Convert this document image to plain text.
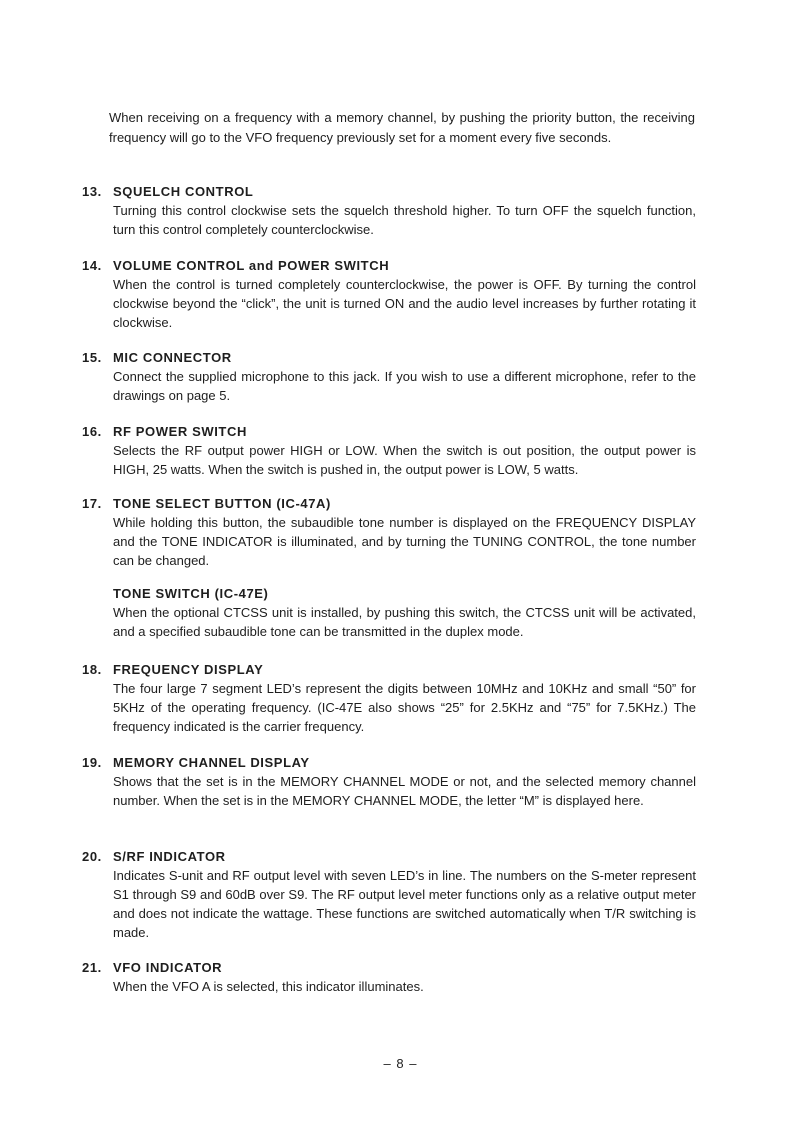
When receiving on a frequency with a memory channel, by pushing the priority button, the receiving frequency will go to the VFO frequency previously set for a moment every five seconds.

13. SQUELCH CONTROL

Turning this control clockwise sets the squelch threshold higher. To turn OFF the squelch function, turn this control completely counterclockwise.

14. VOLUME CONTROL and POWER SWITCH

When the control is turned completely counterclockwise, the power is OFF. By turning the control clockwise beyond the “click”, the unit is turned ON and the audio level increases by further rotating it clockwise.

15. MIC CONNECTOR

Connect the supplied microphone to this jack. If you wish to use a different microphone, refer to the drawings on page 5.

16. RF POWER SWITCH

Selects the RF output power HIGH or LOW. When the switch is out position, the output power is HIGH, 25 watts. When the switch is pushed in, the output power is LOW, 5 watts.

17. TONE SELECT BUTTON (IC-47A)

While holding this button, the subaudible tone number is displayed on the FREQUENCY DISPLAY and the TONE INDICATOR is illuminated, and by turning the TUNING CONTROL, the tone number can be changed.

TONE SWITCH (IC-47E)

When the optional CTCSS unit is installed, by pushing this switch, the CTCSS unit will be activated, and a specified subaudible tone can be transmitted in the duplex mode.

18. FREQUENCY DISPLAY

The four large 7 segment LED’s represent the digits between 10MHz and 10KHz and small “50” for 5KHz of the operating frequency. (IC-47E also shows “25” for 2.5KHz and “75” for 7.5KHz.) The frequency indicated is the carrier frequency.

19. MEMORY CHANNEL DISPLAY

Shows that the set is in the MEMORY CHANNEL MODE or not, and the selected memory channel number. When the set is in the MEMORY CHANNEL MODE, the letter “M” is displayed here.

20. S/RF INDICATOR

Indicates S-unit and RF output level with seven LED’s in line. The numbers on the S-meter represent S1 through S9 and 60dB over S9. The RF output level meter functions only as a relative output meter and does not indicate the wattage. These functions are switched automatically when T/R switching is made.

21. VFO INDICATOR

When the VFO A is selected, this indicator illuminates.

– 8 –
